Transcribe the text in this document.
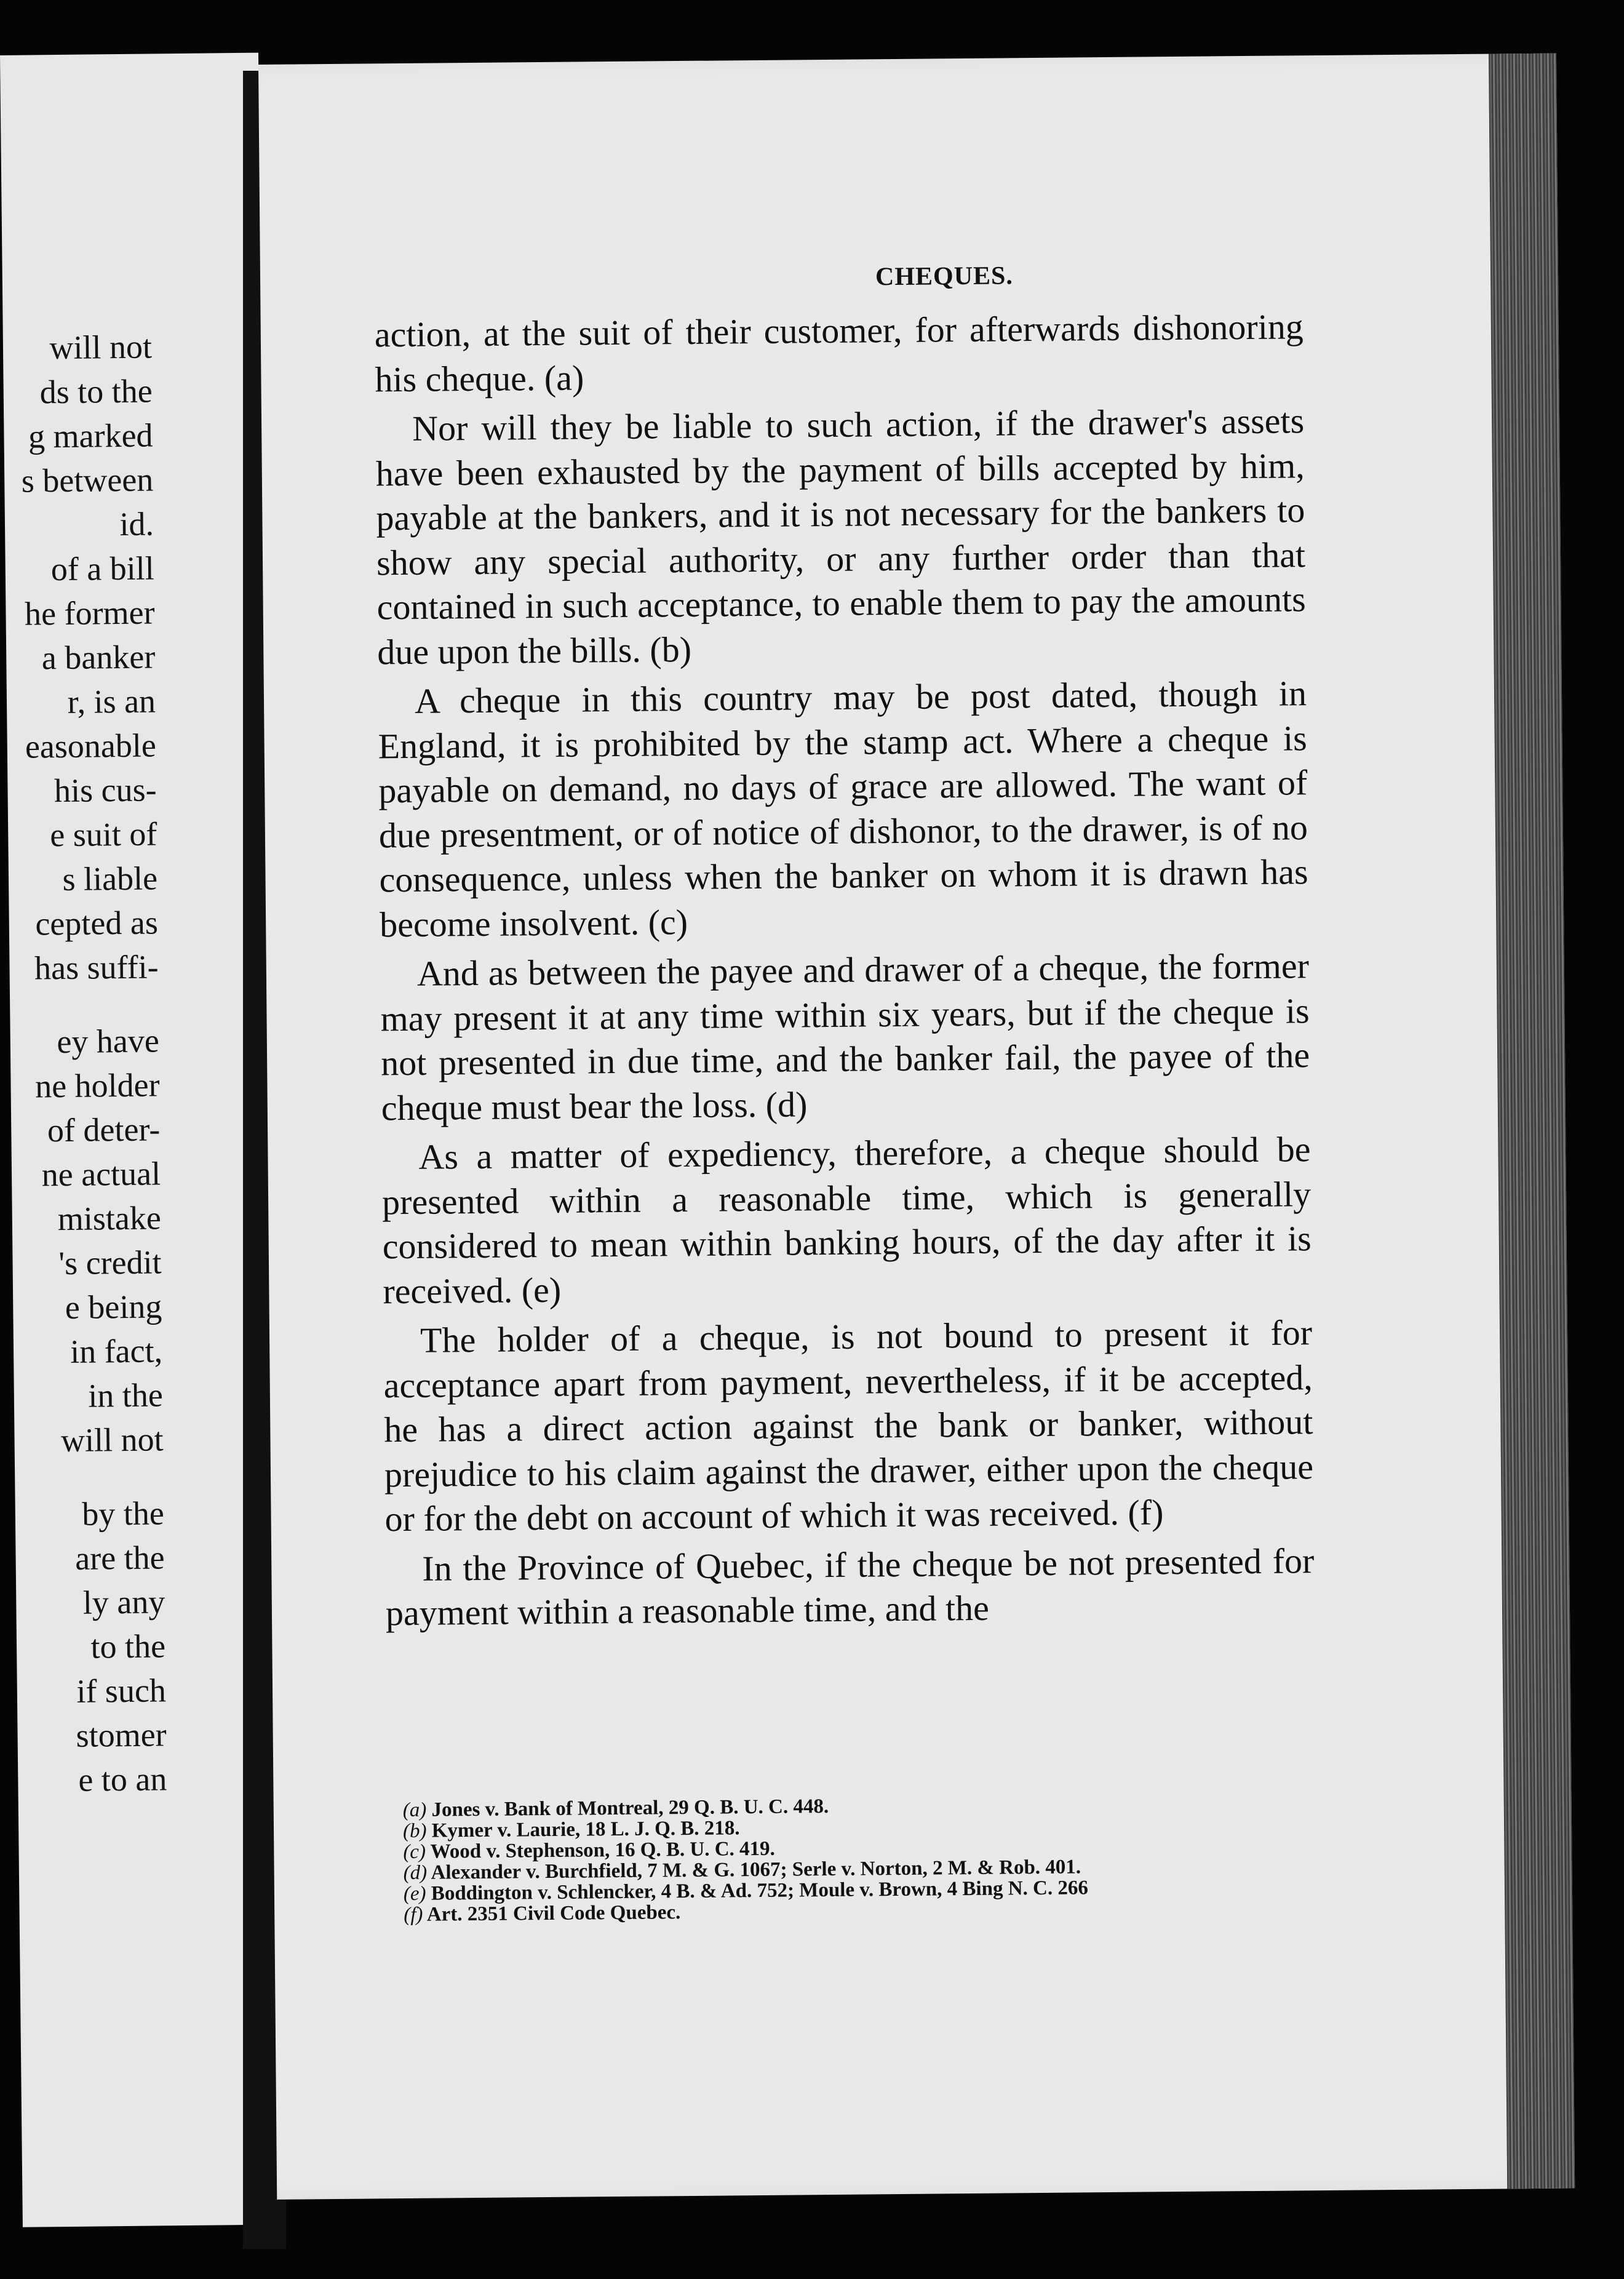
will not
ds to the
g marked
s between
id.
of a bill
he former
a banker
r, is an
easonable
his cus-
e suit of
s liable
cepted as
has suffi-
ey have
ne holder
of deter-
ne actual
mistake
's credit
e being
in fact,
in the
will not
by the
are the
ly any
to the
if such
stomer
e to an
CHEQUES.

action, at the suit of their customer, for afterwards dishonoring his cheque. (a)

Nor will they be liable to such action, if the drawer's assets have been exhausted by the payment of bills accepted by him, payable at the bankers, and it is not necessary for the bankers to show any special authority, or any further order than that contained in such acceptance, to enable them to pay the amounts due upon the bills. (b)

A cheque in this country may be post dated, though in England, it is prohibited by the stamp act. Where a cheque is payable on demand, no days of grace are allowed. The want of due presentment, or of notice of dishonor, to the drawer, is of no consequence, unless when the banker on whom it is drawn has become insolvent. (c)

And as between the payee and drawer of a cheque, the former may present it at any time within six years, but if the cheque is not presented in due time, and the banker fail, the payee of the cheque must bear the loss. (d)

As a matter of expediency, therefore, a cheque should be presented within a reasonable time, which is generally considered to mean within banking hours, of the day after it is received. (e)

The holder of a cheque, is not bound to present it for acceptance apart from payment, nevertheless, if it be accepted, he has a direct action against the bank or banker, without prejudice to his claim against the drawer, either upon the cheque or for the debt on account of which it was received. (f)

In the Province of Quebec, if the cheque be not presented for payment within a reasonable time, and the

(a) Jones v. Bank of Montreal, 29 Q. B. U. C. 448.
(b) Kymer v. Laurie, 18 L. J. Q. B. 218.
(c) Wood v. Stephenson, 16 Q. B. U. C. 419.
(d) Alexander v. Burchfield, 7 M. & G. 1067; Serle v. Norton, 2 M. & Rob. 401.
(e) Boddington v. Schlencker, 4 B. & Ad. 752; Moule v. Brown, 4 Bing N. C. 266
(f) Art. 2351 Civil Code Quebec.
